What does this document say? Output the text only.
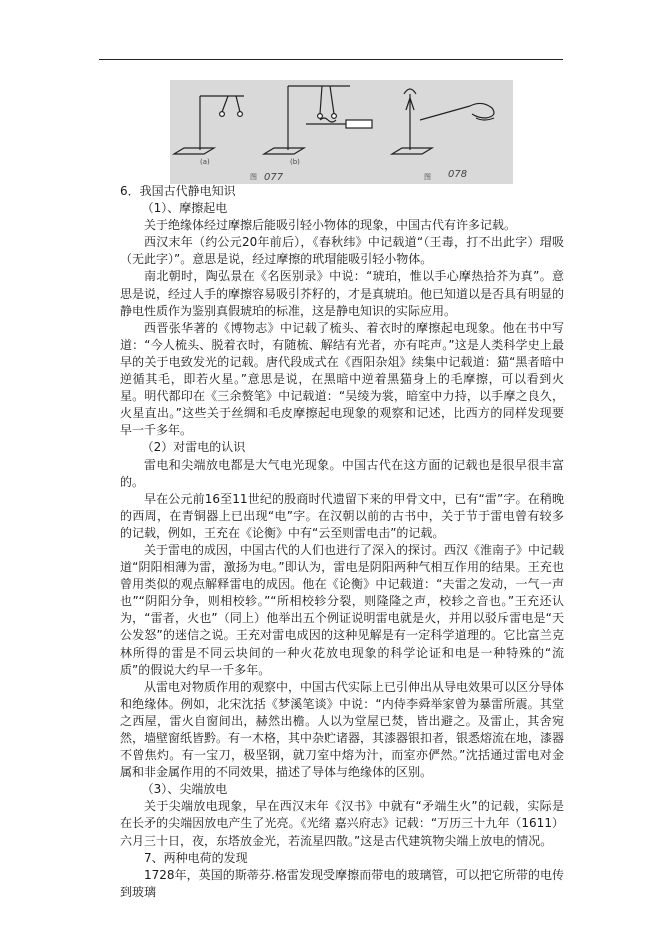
(a)	(b)
图 077	图 078

6．我国古代静电知识

（1）、摩擦起电

关于绝缘体经过摩擦后能吸引轻小物体的现象，中国古代有许多记载。

西汉末年（约公元20年前后），《春秋纬》中记载道“（王毒，打不出此字）瑁吸（无此字）”。意思是说，经过摩擦的玳瑁能吸引轻小物体。

南北朝时，陶弘景在《名医别录》中说：“琥珀，惟以手心摩热拾芥为真”。意思是说，经过人手的摩擦容易吸引芥籽的，才是真琥珀。他已知道以是否具有明显的静电性质作为鉴别真假琥珀的标准，这是静电知识的实际应用。

西晋张华著的《博物志》中记载了梳头、着衣时的摩擦起电现象。他在书中写道：“今人梳头、脱着衣时，有随梳、解结有光者，亦有咤声。”这是人类科学史上最早的关于电致发光的记载。唐代段成式在《酉阳杂俎》续集中记载道：猫“黑者暗中逆循其毛，即若火星。”意思是说，在黑暗中逆着黑猫身上的毛摩擦，可以看到火星。明代都印在《三余赘笔》中记载道：“吴绫为裳，暗室中力持，以手摩之良久，火星直出。”这些关于丝绸和毛皮摩擦起电现象的观察和记述，比西方的同样发现要早一千多年。

（2）对雷电的认识

雷电和尖端放电都是大气电光现象。中国古代在这方面的记载也是很早很丰富的。

早在公元前16至11世纪的殷商时代遗留下来的甲骨文中，已有“雷”字。在稍晚的西周，在青铜器上已出现“电”字。在汉朝以前的古书中，关于节于雷电曾有较多的记载，例如，王充在《论衡》中有“云至则雷电击”的记载。

关于雷电的成因，中国古代的人们也进行了深入的探讨。西汉《淮南子》中记载道“阴阳相薄为雷，激扬为电。”即认为，雷电是阴阳两种气相互作用的结果。王充也曾用类似的观点解释雷电的成因。他在《论衡》中记载道：“夫雷之发动，一气一声也”“阴阳分争，则相校轸。”“所相校轸分裂，则隆隆之声，校轸之音也。”王充还认为，“雷者，火也”（同上）他举出五个例证说明雷电就是火，并用以驳斥雷电是“天公发怒”的迷信之说。王充对雷电成因的这种见解是有一定科学道理的。它比富兰克林所得的雷是不同云块间的一种火花放电现象的科学论证和电是一种特殊的“流质”的假说大约早一千多年。

从雷电对物质作用的观察中，中国古代实际上已引伸出从导电效果可以区分导体和绝缘体。例如，北宋沈括《梦溪笔谈》中说：“内侍李舜举家曾为暴雷所震。其堂之西屋，雷火自窗间出，赫然出檐。人以为堂屋已焚，皆出避之。及雷止，其舍宛然，墙壁窗纸皆黔。有一木格，其中杂贮诸器，其漆器银扣者，银悉熔流在地，漆器不曾焦灼。有一宝刀，极坚钢，就刀室中熔为汁，而室亦俨然。”沈括通过雷电对金属和非金属作用的不同效果，描述了导体与绝缘体的区别。

（3）、尖端放电

关于尖端放电现象，早在西汉末年《汉书》中就有“矛端生火”的记载，实际是在长矛的尖端因放电产生了光亮。《光绪 嘉兴府志》记载：“万历三十九年（1611）六月三十日，夜，东塔放金光，若流星四散。”这是古代建筑物尖端上放电的情况。

7、两种电荷的发现

1728年，英国的斯蒂芬.格雷发现受摩擦而带电的玻璃管，可以把它所带的电传到玻璃
